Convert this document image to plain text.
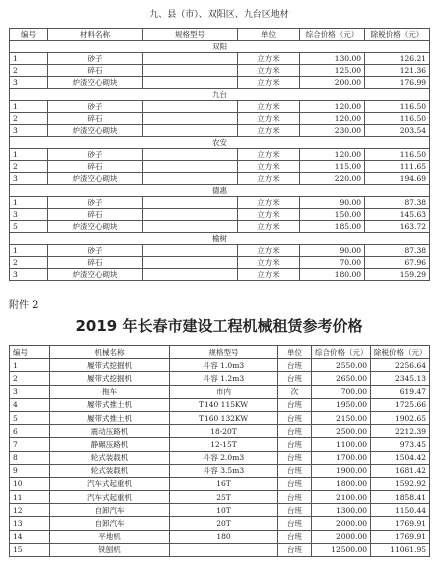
九、县（市）、双阳区、九台区地材
编号	材料名称	规格型号	单位	综合价格（元）	除税价格（元）
双阳					
1	砂子		立方米	130.00	126.21
2	碎石		立方米	125.00	121.36
3	炉渣空心砌块		立方米	200.00	176.99
九台					
1	砂子		立方米	120.00	116.50
2	碎石		立方米	120.00	116.50
3	炉渣空心砌块		立方米	230.00	203.54
农安					
1	砂子		立方米	120.00	116.50
2	碎石		立方米	115.00	111.65
3	炉渣空心砌块		立方米	220.00	194.69
德惠					
1	砂子		立方米	90.00	87.38
3	碎石		立方米	150.00	145.63
5	炉渣空心砌块		立方米	185.00	163.72
榆树					
1	砂子		立方米	90.00	87.38
2	碎石		立方米	70.00	67.96
3	炉渣空心砌块		立方米	180.00	159.29
附件 2
2019 年长春市建设工程机械租赁参考价格
编号	机械名称	规格型号	单位	综合价格（元）	除税价格（元）
1	履带式挖掘机	斗容 1.0m3	台班	2550.00	2256.64
2	履带式挖掘机	斗容 1.2m3	台班	2650.00	2345.13
3	拖车	市内	次	700.00	619.47
4	履带式推土机	T140 115KW	台班	1950.00	1725.66
5	履带式推土机	T160 132KW	台班	2150.00	1902.65
6	震动压路机	18-20T	台班	2500.00	2212.39
7	静碾压路机	12-15T	台班	1100.00	973.45
8	轮式装载机	斗容 2.0m3	台班	1700.00	1504.42
9	轮式装载机	斗容 3.5m3	台班	1900.00	1681.42
10	汽车式起重机	16T	台班	1800.00	1592.92
11	汽车式起重机	25T	台班	2100.00	1858.41
12	自卸汽车	10T	台班	1300.00	1150.44
13	自卸汽车	20T	台班	2000.00	1769.91
14	平地机	180	台班	2000.00	1769.91
15	铣刨机		台班	12500.00	11061.95
